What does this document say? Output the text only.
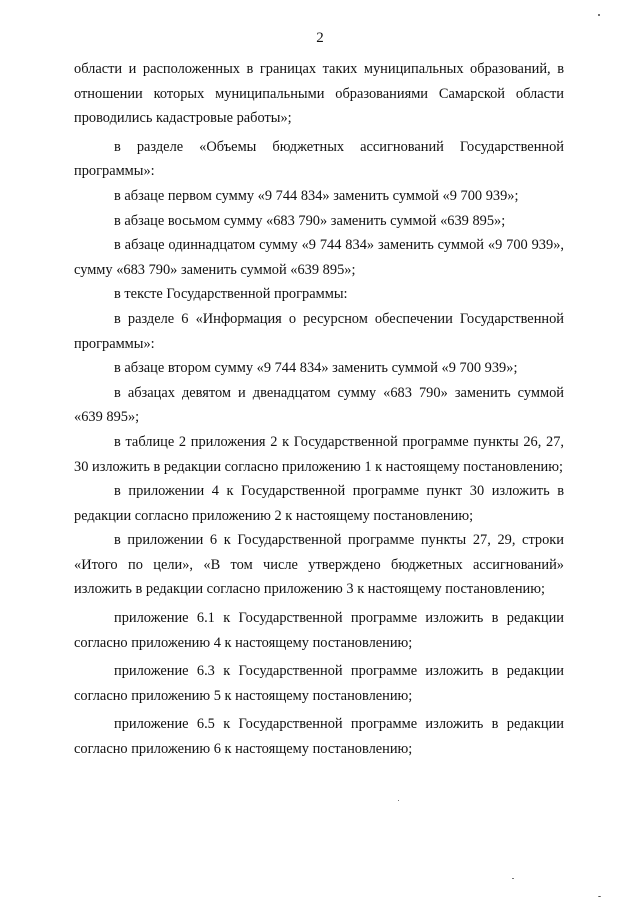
2

области и расположенных в границах таких муниципальных образований, в отношении которых муниципальными образованиями Самарской области проводились кадастровые работы»;

в разделе «Объемы бюджетных ассигнований Государственной программы»:

в абзаце первом сумму «9 744 834» заменить суммой «9 700 939»;

в абзаце восьмом сумму «683 790» заменить суммой «639 895»;

в абзаце одиннадцатом сумму «9 744 834» заменить суммой «9 700 939», сумму «683 790» заменить суммой «639 895»;

в тексте Государственной программы:

в разделе 6 «Информация о ресурсном обеспечении Государственной программы»:

в абзаце втором сумму «9 744 834» заменить суммой «9 700 939»;

в абзацах девятом и двенадцатом сумму «683 790» заменить суммой «639 895»;

в таблице 2 приложения 2 к Государственной программе пункты 26, 27, 30 изложить в редакции согласно приложению 1 к настоящему постановлению;

в приложении 4 к Государственной программе пункт 30 изложить в редакции согласно приложению 2 к настоящему постановлению;

в приложении 6 к Государственной программе пункты 27, 29, строки «Итого по цели», «В том числе утверждено бюджетных ассигнований» изложить в редакции согласно приложению 3 к настоящему постановлению;

приложение 6.1 к Государственной программе изложить в редакции согласно приложению 4 к настоящему постановлению;

приложение 6.3 к Государственной программе изложить в редакции согласно приложению 5 к настоящему постановлению;

приложение 6.5 к Государственной программе изложить в редакции согласно приложению 6 к настоящему постановлению;
